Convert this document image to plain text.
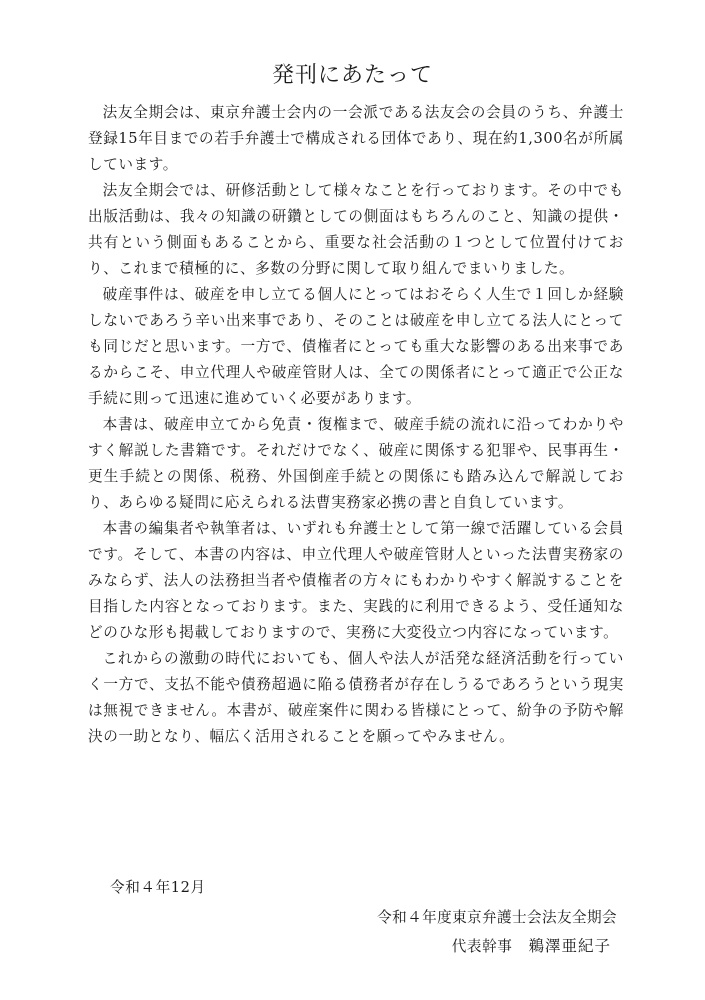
発刊にあたって

法友全期会は、東京弁護士会内の一会派である法友会の会員のうち、弁護士登録15年目までの若手弁護士で構成される団体であり、現在約1,300名が所属しています。

法友全期会では、研修活動として様々なことを行っております。その中でも出版活動は、我々の知識の研鑽としての側面はもちろんのこと、知識の提供・共有という側面もあることから、重要な社会活動の１つとして位置付けており、これまで積極的に、多数の分野に関して取り組んでまいりました。

破産事件は、破産を申し立てる個人にとってはおそらく人生で１回しか経験しないであろう辛い出来事であり、そのことは破産を申し立てる法人にとっても同じだと思います。一方で、債権者にとっても重大な影響のある出来事であるからこそ、申立代理人や破産管財人は、全ての関係者にとって適正で公正な手続に則って迅速に進めていく必要があります。

本書は、破産申立てから免責・復権まで、破産手続の流れに沿ってわかりやすく解説した書籍です。それだけでなく、破産に関係する犯罪や、民事再生・更生手続との関係、税務、外国倒産手続との関係にも踏み込んで解説しており、あらゆる疑問に応えられる法曹実務家必携の書と自負しています。

本書の編集者や執筆者は、いずれも弁護士として第一線で活躍している会員です。そして、本書の内容は、申立代理人や破産管財人といった法曹実務家のみならず、法人の法務担当者や債権者の方々にもわかりやすく解説することを目指した内容となっております。また、実践的に利用できるよう、受任通知などのひな形も掲載しておりますので、実務に大変役立つ内容になっています。

これからの激動の時代においても、個人や法人が活発な経済活動を行っていく一方で、支払不能や債務超過に陥る債務者が存在しうるであろうという現実は無視できません。本書が、破産案件に関わる皆様にとって、紛争の予防や解決の一助となり、幅広く活用されることを願ってやみません。

令和４年12月
令和４年度東京弁護士会法友全期会
代表幹事 鵜澤亜紀子
